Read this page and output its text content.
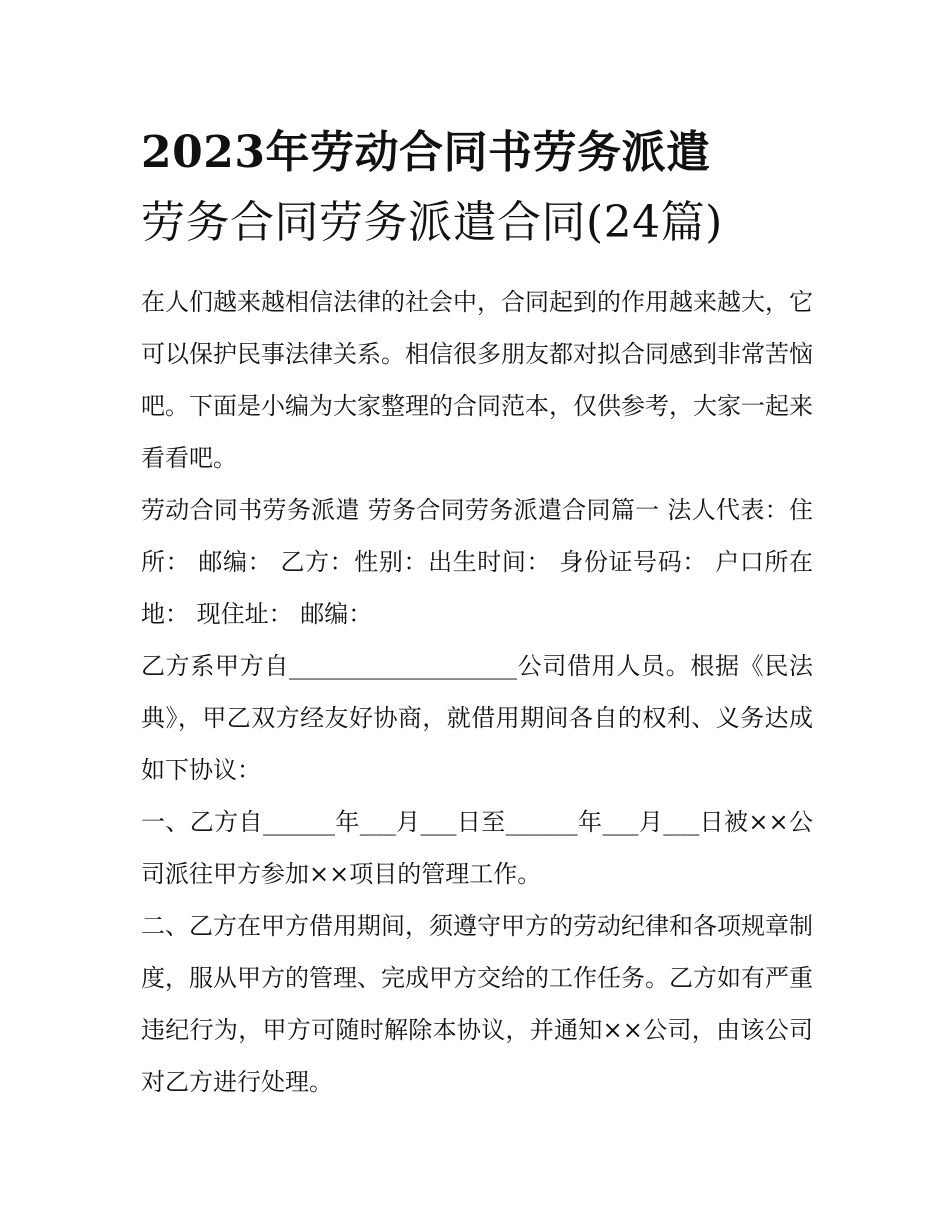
2023年劳动合同书劳务派遣
劳务合同劳务派遣合同(24篇)

在人们越来越相信法律的社会中，合同起到的作用越来越大，它可以保护民事法律关系。相信很多朋友都对拟合同感到非常苦恼吧。下面是小编为大家整理的合同范本，仅供参考，大家一起来看看吧。

劳动合同书劳务派遣 劳务合同劳务派遣合同篇一 法人代表：住所： 邮编： 乙方：性别：出生时间： 身份证号码： 户口所在地： 现住址： 邮编：

乙方系甲方自___________________公司借用人员。根据《民法典》，甲乙双方经友好协商，就借用期间各自的权利、义务达成如下协议：

一、乙方自______年___月___日至______年___月___日被××公司派往甲方参加××项目的管理工作。

二、乙方在甲方借用期间，须遵守甲方的劳动纪律和各项规章制度，服从甲方的管理、完成甲方交给的工作任务。乙方如有严重违纪行为，甲方可随时解除本协议，并通知××公司，由该公司对乙方进行处理。
